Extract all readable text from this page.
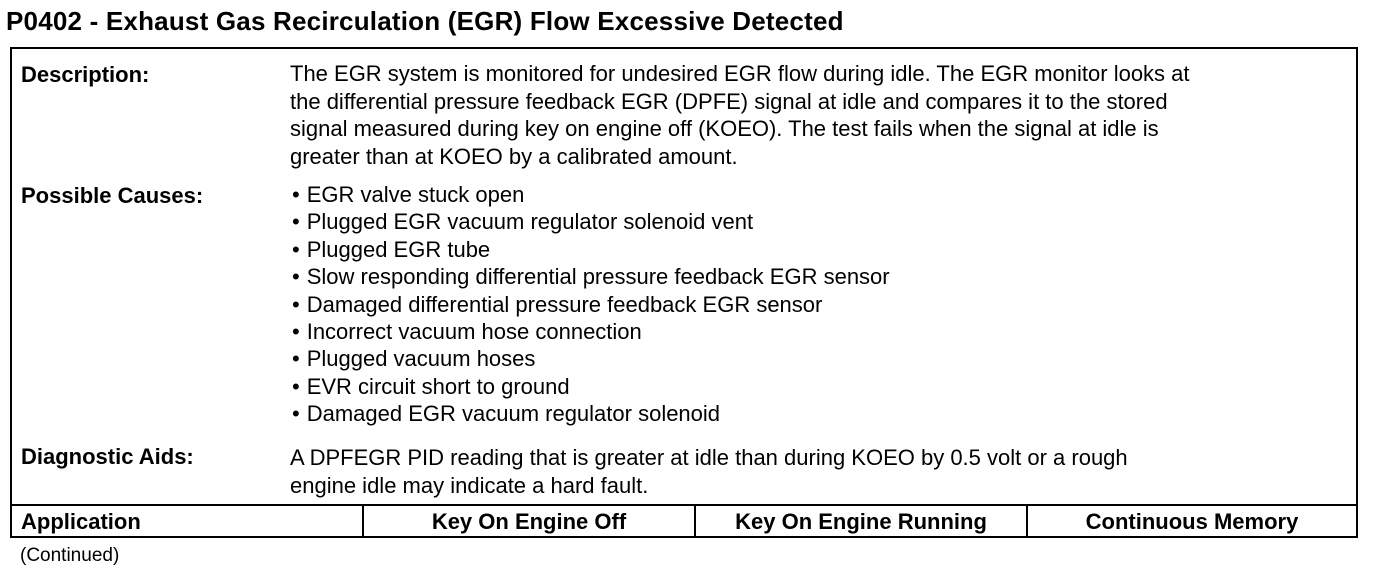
P0402 - Exhaust Gas Recirculation (EGR) Flow Excessive Detected
Description:	The EGR system is monitored for undesired EGR flow during idle. The EGR monitor looks at
the differential pressure feedback EGR (DPFE) signal at idle and compares it to the stored
signal measured during key on engine off (KOEO). The test fails when the signal at idle is
greater than at KOEO by a calibrated amount.
Possible Causes:
•	EGR valve stuck open
• Plugged EGR vacuum regulator solenoid vent
• Plugged EGR tube
• Slow responding differential pressure feedback EGR sensor
• Damaged differential pressure feedback EGR sensor
• Incorrect vacuum hose connection
• Plugged vacuum hoses
• EVR circuit short to ground
• Damaged EGR vacuum regulator solenoid
Diagnostic Aids:	A DPFEGR PID reading that is greater at idle than during KOEO by 0.5 volt or a rough
engine idle may indicate a hard fault.
Application	Key On Engine Off	Key On Engine Running	Continuous Memory
(Continued)
